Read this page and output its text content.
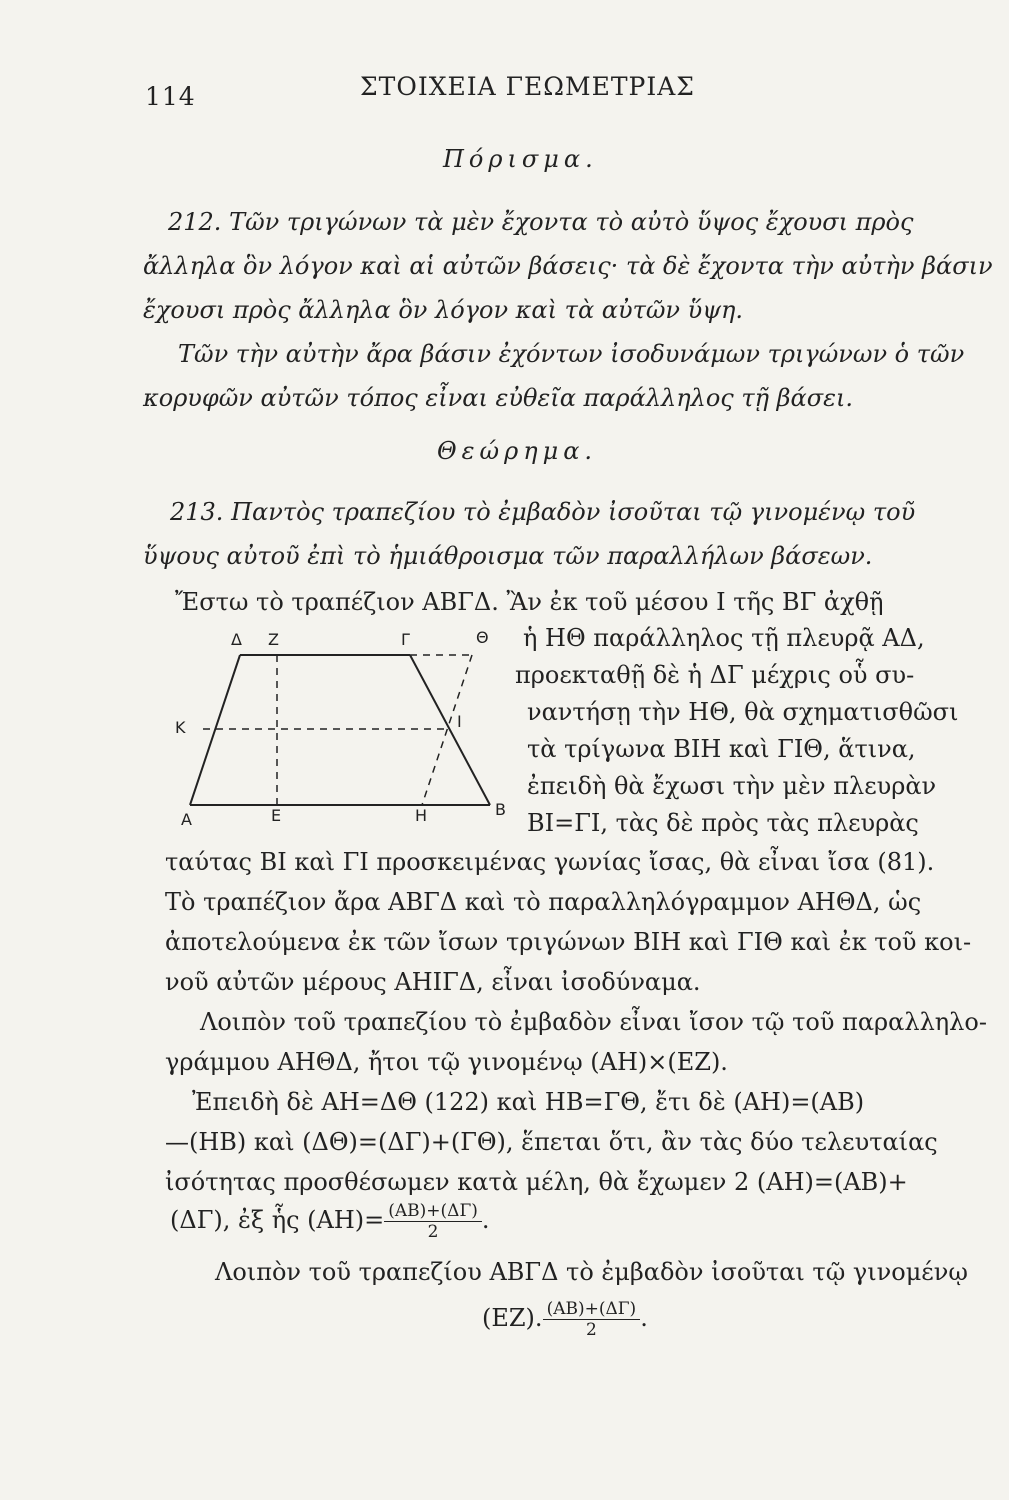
114	ΣΤΟΙΧΕΙΑ ΓΕΩΜΕΤΡΙΑΣ
Πόρισμα.
212. Τῶν τριγώνων τὰ μὲν ἔχοντα τὸ αὐτὸ ὕψος ἔχουσι πρὸς
ἄλληλα ὃν λόγον καὶ αἱ αὐτῶν βάσεις· τὰ δὲ ἔχοντα τὴν αὐτὴν βάσιν
ἔχουσι πρὸς ἄλληλα ὃν λόγον καὶ τὰ αὐτῶν ὕψη.
Τῶν τὴν αὐτὴν ἄρα βάσιν ἐχόντων ἰσοδυνάμων τριγώνων ὁ τῶν
κορυφῶν αὐτῶν τόπος εἶναι εὐθεῖα παράλληλος τῇ βάσει.
Θεώρημα.
213. Παντὸς τραπεζίου τὸ ἐμβαδὸν ἰσοῦται τῷ γινομένῳ τοῦ
ὕψους αὐτοῦ ἐπὶ τὸ ἡμιάθροισμα τῶν παραλλήλων βάσεων.
Ἔστω τὸ τραπέζιον ΑΒΓΔ. Ἂν ἐκ τοῦ μέσου Ι τῆς ΒΓ ἀχθῇ
Δ Ζ	Γ	Θ
Κ	Ι
Α	Ε	Η	Β
ἡ ΗΘ παράλληλος τῇ πλευρᾷ ΑΔ,
προεκταθῇ δὲ ἡ ΔΓ μέχρις οὗ συ-
ναντήσῃ τὴν ΗΘ, θὰ σχηματισθῶσι
τὰ τρίγωνα ΒΙΗ καὶ ΓΙΘ, ἅτινα,
ἐπειδὴ θὰ ἔχωσι τὴν μὲν πλευρὰν
ΒΙ=ΓΙ, τὰς δὲ πρὸς τὰς πλευρὰς
ταύτας ΒΙ καὶ ΓΙ προσκειμένας γωνίας ἴσας, θὰ εἶναι ἴσα (81).
Τὸ τραπέζιον ἄρα ΑΒΓΔ καὶ τὸ παραλληλόγραμμον ΑΗΘΔ, ὡς
ἀποτελούμενα ἐκ τῶν ἴσων τριγώνων ΒΙΗ καὶ ΓΙΘ καὶ ἐκ τοῦ κοι-
νοῦ αὐτῶν μέρους ΑΗΙΓΔ, εἶναι ἰσοδύναμα.
Λοιπὸν τοῦ τραπεζίου τὸ ἐμβαδὸν εἶναι ἴσον τῷ τοῦ παραλληλο-
γράμμου ΑΗΘΔ, ἤτοι τῷ γινομένῳ (ΑΗ)×(ΕΖ).
Ἐπειδὴ δὲ ΑΗ=ΔΘ (122) καὶ ΗΒ=ΓΘ, ἔτι δὲ (ΑΗ)=(ΑΒ)
—(ΗΒ) καὶ (ΔΘ)=(ΔΓ)+(ΓΘ), ἕπεται ὅτι, ἂν τὰς δύο τελευταίας
ἰσότητας προσθέσωμεν κατὰ μέλη, θὰ ἔχωμεν 2 (ΑΗ)=(ΑΒ)+
(ΔΓ), ἐξ ἧς $(AH)= \frac{(AB)+(\Delta\Gamma)}{2}$ .
Λοιπὸν τοῦ τραπεζίου ΑΒΓΔ τὸ ἐμβαδὸν ἰσοῦται τῷ γινομένῳ
(ΕΖ). $\frac{(AB)+(\Delta\Gamma)}{2}$ .
